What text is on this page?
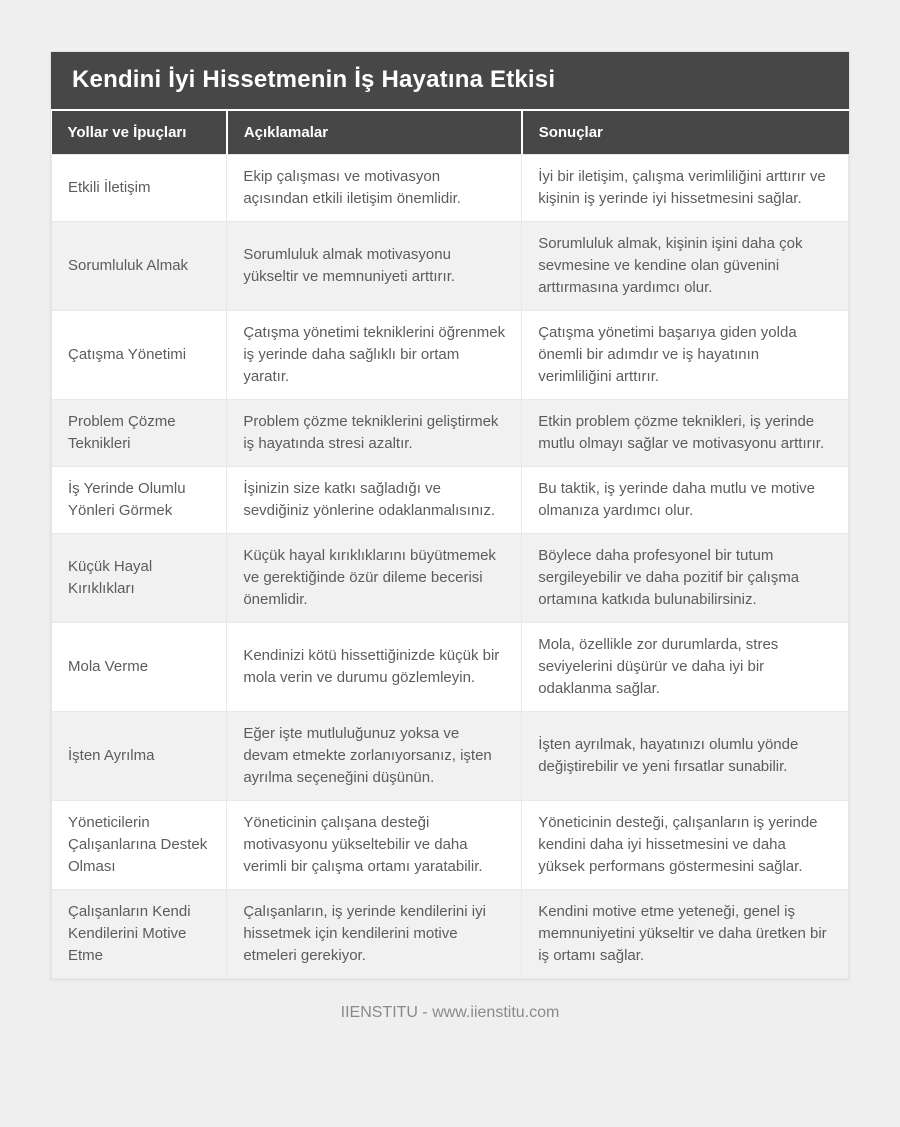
Kendini İyi Hissetmenin İş Hayatına Etkisi
Yollar ve İpuçları	Açıklamalar	Sonuçlar
Etkili İletişim	Ekip çalışması ve motivasyon açısından etkili iletişim önemlidir.	İyi bir iletişim, çalışma verimliliğini arttırır ve kişinin iş yerinde iyi hissetmesini sağlar.
Sorumluluk Almak	Sorumluluk almak motivasyonu yükseltir ve memnuniyeti arttırır.	Sorumluluk almak, kişinin işini daha çok sevmesine ve kendine olan güvenini arttırmasına yardımcı olur.
Çatışma Yönetimi	Çatışma yönetimi tekniklerini öğrenmek iş yerinde daha sağlıklı bir ortam yaratır.	Çatışma yönetimi başarıya giden yolda önemli bir adımdır ve iş hayatının verimliliğini arttırır.
Problem Çözme Teknikleri	Problem çözme tekniklerini geliştirmek iş hayatında stresi azaltır.	Etkin problem çözme teknikleri, iş yerinde mutlu olmayı sağlar ve motivasyonu arttırır.
İş Yerinde Olumlu Yönleri Görmek	İşinizin size katkı sağladığı ve sevdiğiniz yönlerine odaklanmalısınız.	Bu taktik, iş yerinde daha mutlu ve motive olmanıza yardımcı olur.
Küçük Hayal Kırıklıkları	Küçük hayal kırıklıklarını büyütmemek ve gerektiğinde özür dileme becerisi önemlidir.	Böylece daha profesyonel bir tutum sergileyebilir ve daha pozitif bir çalışma ortamına katkıda bulunabilirsiniz.
Mola Verme	Kendinizi kötü hissettiğinizde küçük bir mola verin ve durumu gözlemleyin.	Mola, özellikle zor durumlarda, stres seviyelerini düşürür ve daha iyi bir odaklanma sağlar.
İşten Ayrılma	Eğer işte mutluluğunuz yoksa ve devam etmekte zorlanıyorsanız, işten ayrılma seçeneğini düşünün.	İşten ayrılmak, hayatınızı olumlu yönde değiştirebilir ve yeni fırsatlar sunabilir.
Yöneticilerin Çalışanlarına Destek Olması	Yöneticinin çalışana desteği motivasyonu yükseltebilir ve daha verimli bir çalışma ortamı yaratabilir.	Yöneticinin desteği, çalışanların iş yerinde kendini daha iyi hissetmesini ve daha yüksek performans göstermesini sağlar.
Çalışanların Kendi Kendilerini Motive Etme	Çalışanların, iş yerinde kendilerini iyi hissetmek için kendilerini motive etmeleri gerekiyor.	Kendini motive etme yeteneği, genel iş memnuniyetini yükseltir ve daha üretken bir iş ortamı sağlar.
IIENSTITU - www.iienstitu.com
